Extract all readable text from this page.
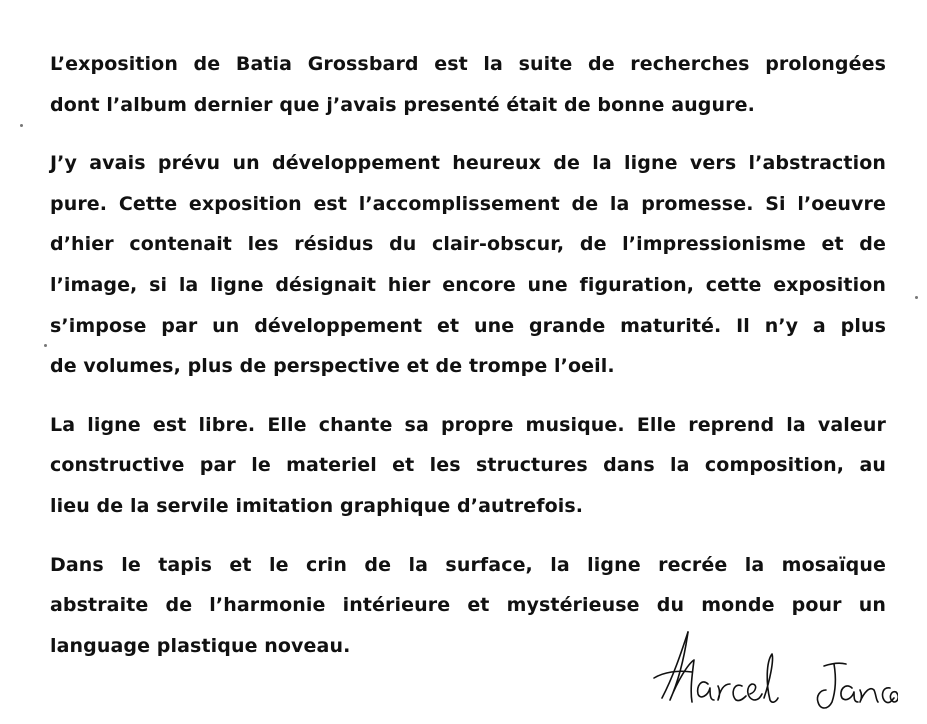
L’exposition de Batia Grossbard est la suite de recherches prolongées
dont l’album dernier que j’avais presenté était de bonne augure.

J’y avais prévu un développement heureux de la ligne vers l’abstraction
pure. Cette exposition est l’accomplissement de la promesse. Si l’oeuvre
d’hier contenait les résidus du clair-obscur, de l’impressionisme et de
l’image, si la ligne désignait hier encore une figuration, cette exposition
s’impose par un développement et une grande maturité. Il n’y a plus
de volumes, plus de perspective et de trompe l’oeil.

La ligne est libre. Elle chante sa propre musique. Elle reprend la valeur
constructive par le materiel et les structures dans la composition, au
lieu de la servile imitation graphique d’autrefois.

Dans le tapis et le crin de la surface, la ligne recrée la mosaïque
abstraite de l’harmonie intérieure et mystérieuse du monde pour un
language plastique noveau.
